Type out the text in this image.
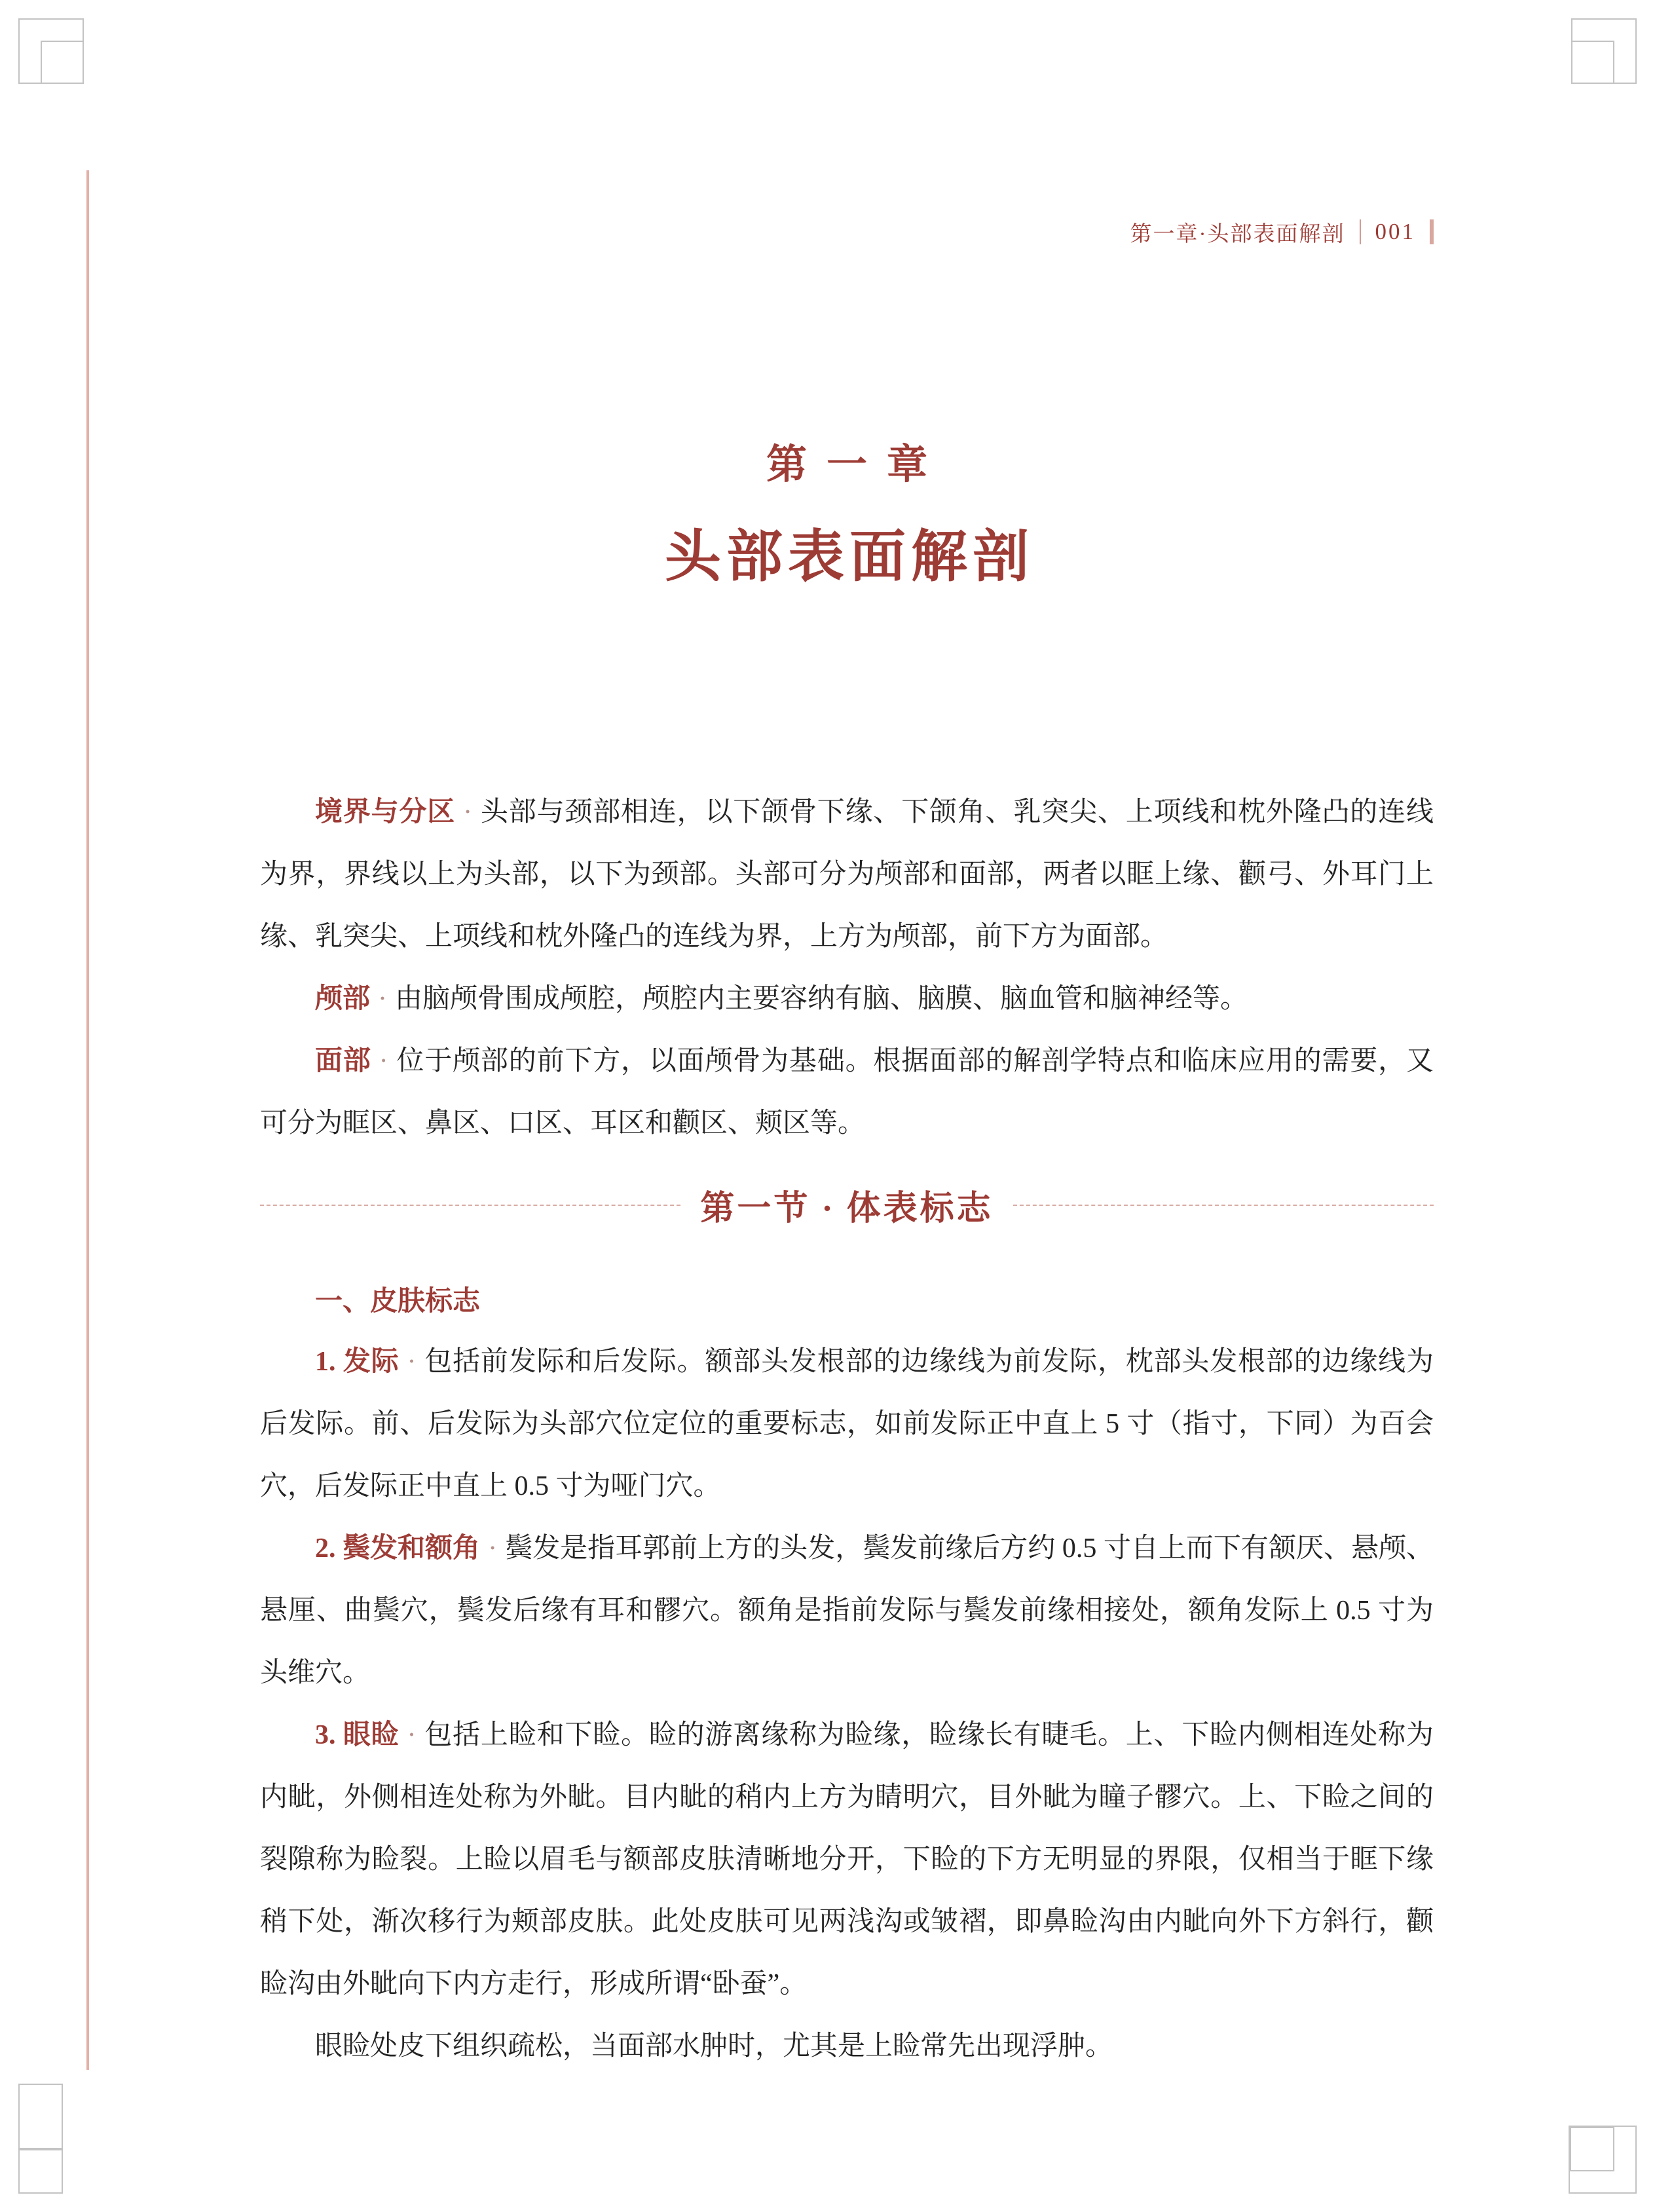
第一章·头部表面解剖 001
第一章
头部表面解剖

境界与分区 · 头部与颈部相连，以下颌骨下缘、下颌角、乳突尖、上项线和枕外隆凸的连线为界，界线以上为头部，以下为颈部。头部可分为颅部和面部，两者以眶上缘、颧弓、外耳门上缘、乳突尖、上项线和枕外隆凸的连线为界，上方为颅部，前下方为面部。

颅部 · 由脑颅骨围成颅腔，颅腔内主要容纳有脑、脑膜、脑血管和脑神经等。

面部 · 位于颅部的前下方，以面颅骨为基础。根据面部的解剖学特点和临床应用的需要，又可分为眶区、鼻区、口区、耳区和颧区、颊区等。

第一节 · 体表标志
一、皮肤标志

1. 发际 · 包括前发际和后发际。额部头发根部的边缘线为前发际，枕部头发根部的边缘线为后发际。前、后发际为头部穴位定位的重要标志，如前发际正中直上 5 寸（指寸，下同）为百会穴，后发际正中直上 0.5 寸为哑门穴。

2. 鬓发和额角 · 鬓发是指耳郭前上方的头发，鬓发前缘后方约 0.5 寸自上而下有颔厌、悬颅、悬厘、曲鬓穴，鬓发后缘有耳和髎穴。额角是指前发际与鬓发前缘相接处，额角发际上 0.5 寸为头维穴。

3. 眼睑 · 包括上睑和下睑。睑的游离缘称为睑缘，睑缘长有睫毛。上、下睑内侧相连处称为内眦，外侧相连处称为外眦。目内眦的稍内上方为睛明穴，目外眦为瞳子髎穴。上、下睑之间的裂隙称为睑裂。上睑以眉毛与额部皮肤清晰地分开，下睑的下方无明显的界限，仅相当于眶下缘稍下处，渐次移行为颊部皮肤。此处皮肤可见两浅沟或皱褶，即鼻睑沟由内眦向外下方斜行，颧睑沟由外眦向下内方走行，形成所谓“卧蚕”。

眼睑处皮下组织疏松，当面部水肿时，尤其是上睑常先出现浮肿。
